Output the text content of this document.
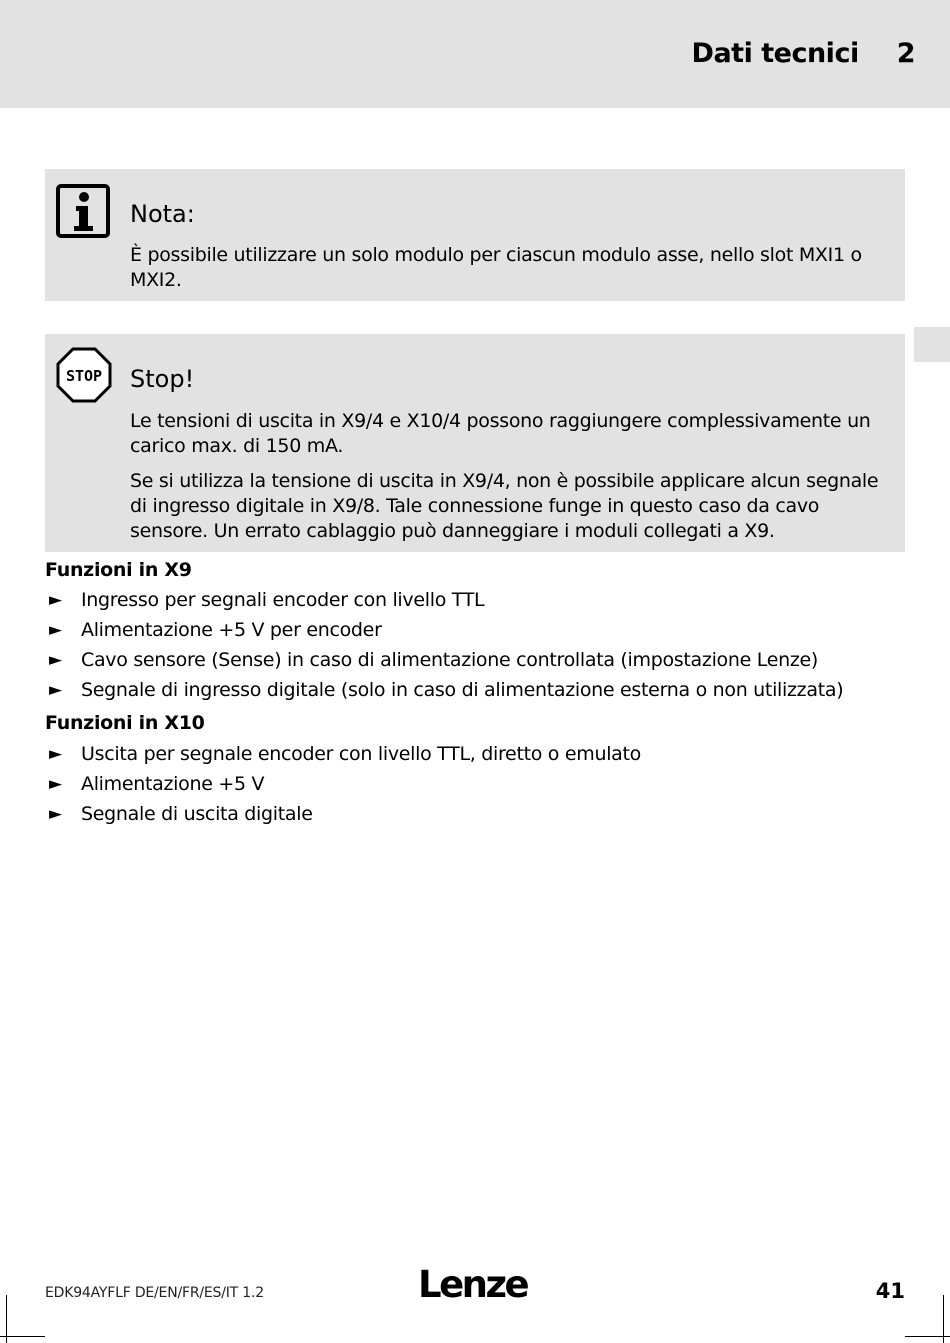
Dati tecnici 2
Nota:

È possibile utilizzare un solo modulo per ciascun modulo asse, nello slot MXI1 o MXI2.

STOP Stop!

Le tensioni di uscita in X9/4 e X10/4 possono raggiungere complessivamente un carico max. di 150 mA.

Se si utilizza la tensione di uscita in X9/4, non è possibile applicare alcun segnale di ingresso digitale in X9/8. Tale connessione funge in questo caso da cavo sensore. Un errato cablaggio può danneggiare i moduli collegati a X9.

Funzioni in X9
►	Ingresso per segnali encoder con livello TTL
►	Alimentazione +5 V per encoder
►	Cavo sensore (Sense) in caso di alimentazione controllata (impostazione Lenze)
►	Segnale di ingresso digitale (solo in caso di alimentazione esterna o non utilizzata)
Funzioni in X10
►	Uscita per segnale encoder con livello TTL, diretto o emulato
►	Alimentazione +5 V
►	Segnale di uscita digitale
EDK94AYFLF DE/EN/FR/ES/IT 1.2	Lenze	41
